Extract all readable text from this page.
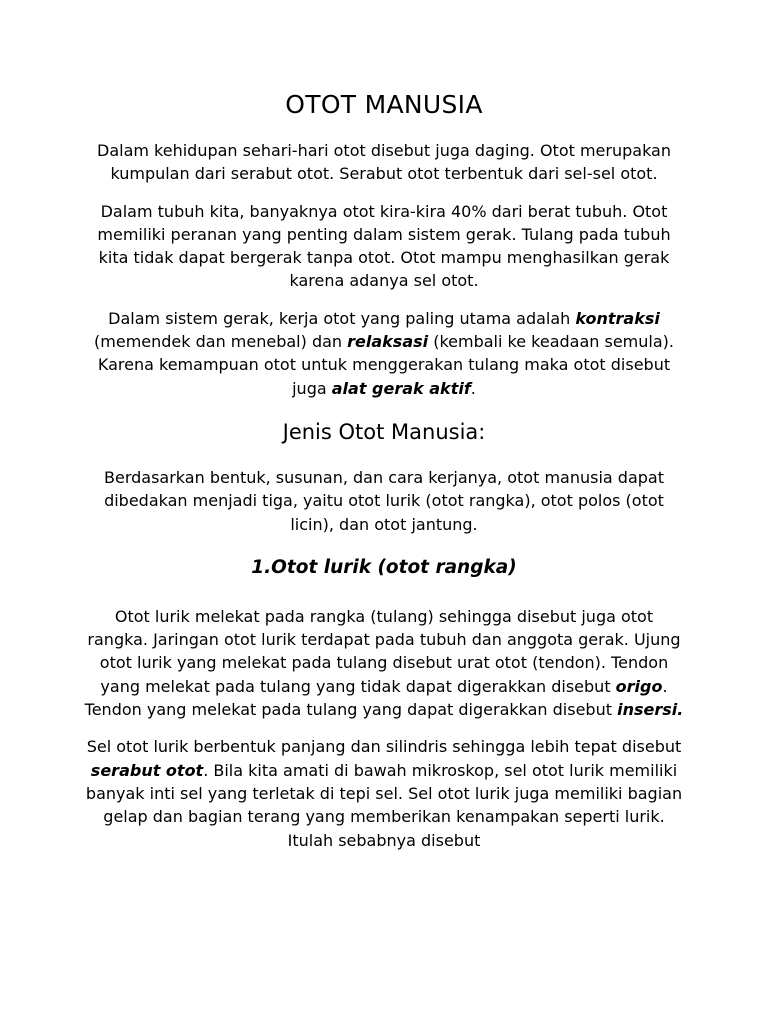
OTOT MANUSIA

Dalam kehidupan sehari-hari otot disebut juga daging. Otot merupakan kumpulan dari serabut otot. Serabut otot terbentuk dari sel-sel otot.

Dalam tubuh kita, banyaknya otot kira-kira 40% dari berat tubuh. Otot memiliki peranan yang penting dalam sistem gerak. Tulang pada tubuh kita tidak dapat bergerak tanpa otot. Otot mampu menghasilkan gerak karena adanya sel otot.

Dalam sistem gerak, kerja otot yang paling utama adalah kontraksi (memendek dan menebal) dan relaksasi (kembali ke keadaan semula). Karena kemampuan otot untuk menggerakan tulang maka otot disebut juga alat gerak aktif.

Jenis Otot Manusia:

Berdasarkan bentuk, susunan, dan cara kerjanya, otot manusia dapat dibedakan menjadi tiga, yaitu otot lurik (otot rangka), otot polos (otot licin), dan otot jantung.

1.Otot lurik (otot rangka)

Otot lurik melekat pada rangka (tulang) sehingga disebut juga otot rangka. Jaringan otot lurik terdapat pada tubuh dan anggota gerak. Ujung otot lurik yang melekat pada tulang disebut urat otot (tendon). Tendon yang melekat pada tulang yang tidak dapat digerakkan disebut origo. Tendon yang melekat pada tulang yang dapat digerakkan disebut insersi.

Sel otot lurik berbentuk panjang dan silindris sehingga lebih tepat disebut serabut otot. Bila kita amati di bawah mikroskop, sel otot lurik memiliki banyak inti sel yang terletak di tepi sel. Sel otot lurik juga memiliki bagian gelap dan bagian terang yang memberikan kenampakan seperti lurik. Itulah sebabnya disebut
